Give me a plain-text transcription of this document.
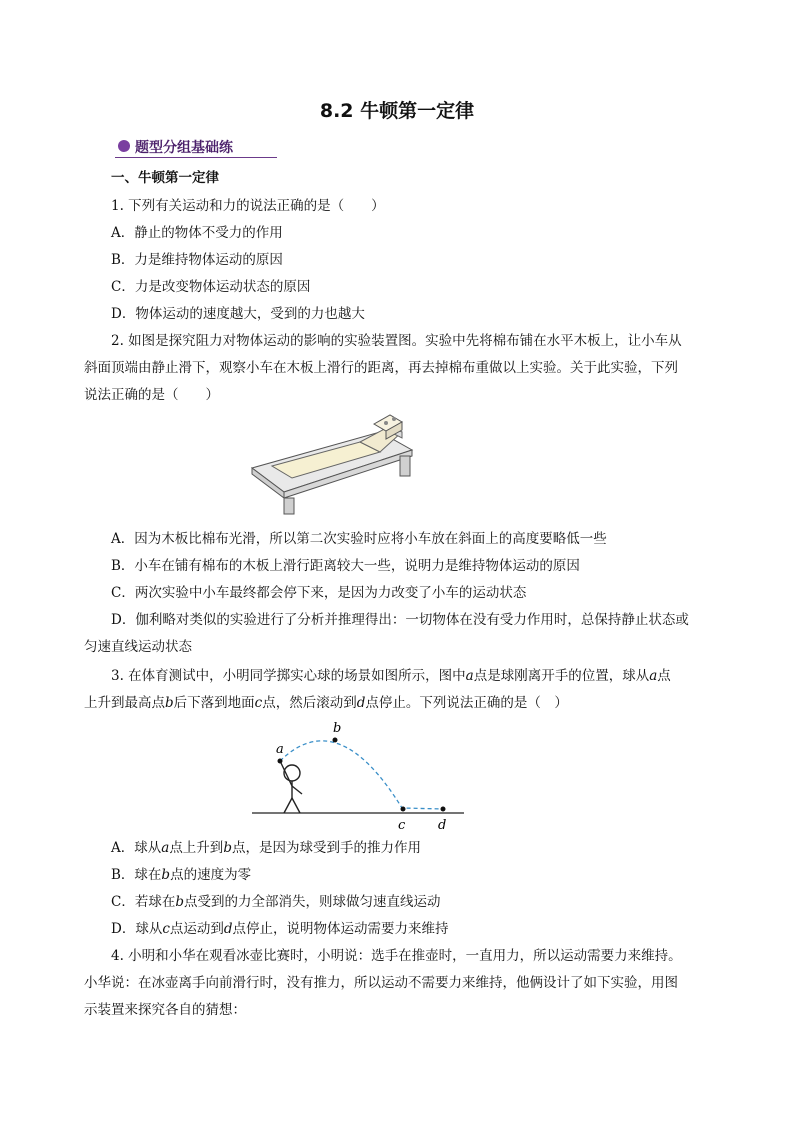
8.2 牛顿第一定律
题型分组基础练
一、牛顿第一定律
1. 下列有关运动和力的说法正确的是（　　）
A．静止的物体不受力的作用
B．力是维持物体运动的原因
C．力是改变物体运动状态的原因
D．物体运动的速度越大，受到的力也越大
2. 如图是探究阻力对物体运动的影响的实验装置图。实验中先将棉布铺在水平木板上，让小车从
斜面顶端由静止滑下，观察小车在木板上滑行的距离，再去掉棉布重做以上实验。关于此实验，下列
说法正确的是（　　）
A．因为木板比棉布光滑，所以第二次实验时应将小车放在斜面上的高度要略低一些
B．小车在铺有棉布的木板上滑行距离较大一些，说明力是维持物体运动的原因
C．两次实验中小车最终都会停下来，是因为力改变了小车的运动状态
D．伽利略对类似的实验进行了分析并推理得出：一切物体在没有受力作用时，总保持静止状态或
匀速直线运动状态
3. 在体育测试中，小明同学掷实心球的场景如图所示，图中a点是球刚离开手的位置，球从a点
上升到最高点b后下落到地面c点，然后滚动到d点停止。下列说法正确的是（　）
a
b
c	d
A．球从a点上升到b点，是因为球受到手的推力作用
B．球在b点的速度为零
C．若球在b点受到的力全部消失，则球做匀速直线运动
D．球从c点运动到d点停止，说明物体运动需要力来维持
4. 小明和小华在观看冰壶比赛时，小明说：选手在推壶时，一直用力，所以运动需要力来维持。
小华说：在冰壶离手向前滑行时，没有推力，所以运动不需要力来维持，他俩设计了如下实验，用图
示装置来探究各自的猜想：
